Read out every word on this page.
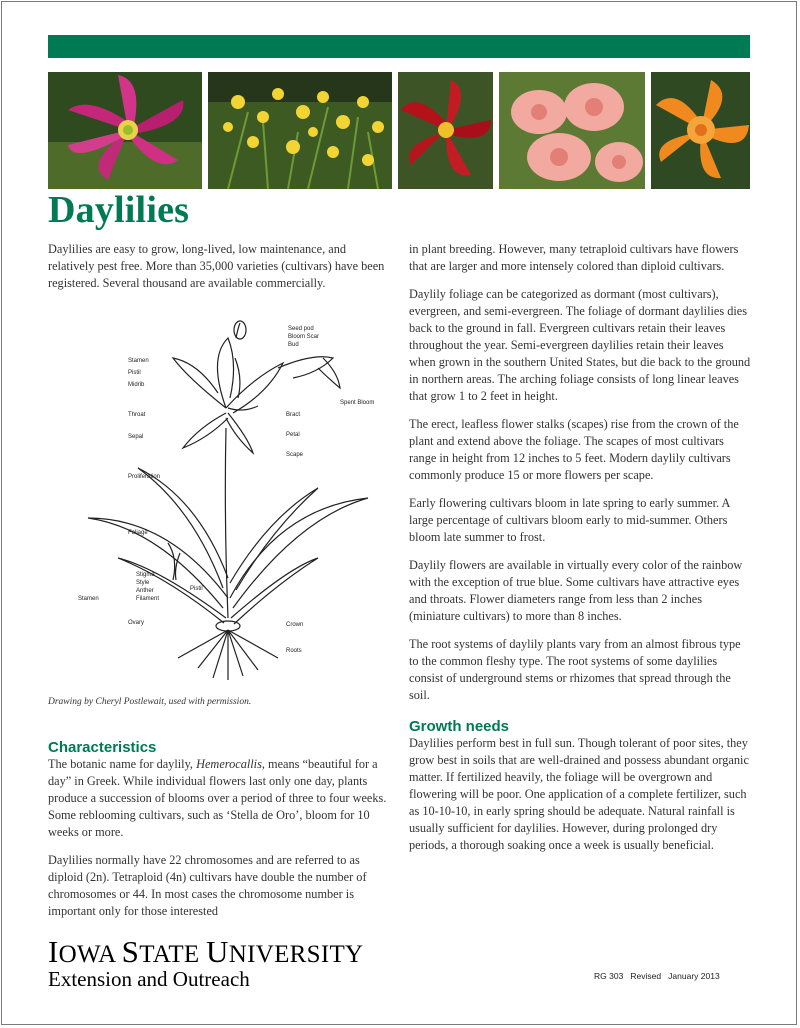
Daylilies

Daylilies are easy to grow, long-lived, low maintenance, and relatively pest free. More than 35,000 varieties (cultivars) have been registered. Several thousand are available commercially.

Seed pod
Bloom Scar
Bud
Stamen
Pistil
Midrib
Throat
Sepal
Spent Bloom
Bract
Petal
Scape
Proliferation
Foliage
Stigma
Style
Anther
Filament
Pistil
Stamen
Ovary	Crown
Roots
Drawing by Cheryl Postlewait, used with permission.
Characteristics

The botanic name for daylily, Hemerocallis, means “beautiful for a day” in Greek. While individual flowers last only one day, plants produce a succession of blooms over a period of three to four weeks. Some reblooming cultivars, such as ‘Stella de Oro’, bloom for 10 weeks or more.

Daylilies normally have 22 chromosomes and are referred to as diploid (2n). Tetraploid (4n) cultivars have double the number of chromosomes or 44. In most cases the chromosome number is important only for those interested

in plant breeding. However, many tetraploid cultivars have flowers that are larger and more intensely colored than diploid cultivars.

Daylily foliage can be categorized as dormant (most cultivars), evergreen, and semi-evergreen. The foliage of dormant daylilies dies back to the ground in fall. Evergreen cultivars retain their leaves throughout the year. Semi-evergreen daylilies retain their leaves when grown in the southern United States, but die back to the ground in northern areas. The arching foliage consists of long linear leaves that grow 1 to 2 feet in height.

The erect, leafless flower stalks (scapes) rise from the crown of the plant and extend above the foliage. The scapes of most cultivars range in height from 12 inches to 5 feet. Modern daylily cultivars commonly produce 15 or more flowers per scape.

Early flowering cultivars bloom in late spring to early summer. A large percentage of cultivars bloom early to mid-summer. Others bloom late summer to frost.

Daylily flowers are available in virtually every color of the rainbow with the exception of true blue. Some cultivars have attractive eyes and throats. Flower diameters range from less than 2 inches (miniature cultivars) to more than 8 inches.

The root systems of daylily plants vary from an almost fibrous type to the common fleshy type. The root systems of some daylilies consist of underground stems or rhizomes that spread through the soil.

Growth needs

Daylilies perform best in full sun. Though tolerant of poor sites, they grow best in soils that are well-drained and possess abundant organic matter. If fertilized heavily, the foliage will be overgrown and flowering will be poor. One application of a complete fertilizer, such as 10-10-10, in early spring should be adequate. Natural rainfall is usually sufficient for daylilies. However, during prolonged dry periods, a thorough soaking once a week is usually beneficial.

IOWA STATE UNIVERSITY
Extension and Outreach	RG 303   Revised   January 2013
